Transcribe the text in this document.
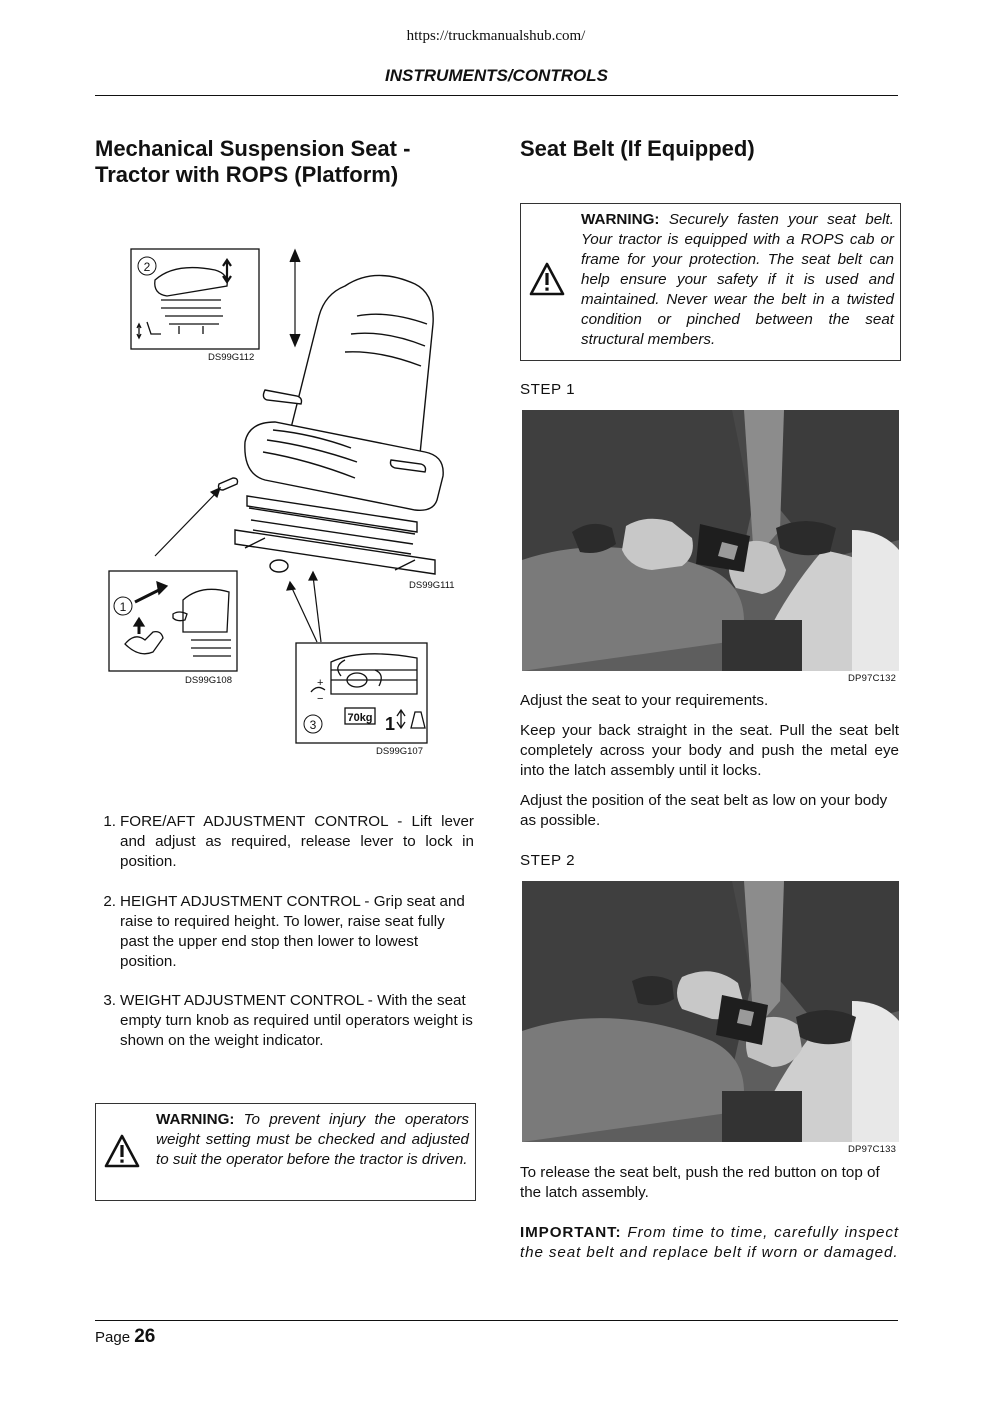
https://truckmanualshub.com/
INSTRUMENTS/CONTROLS
Mechanical Suspension Seat -
Tractor with ROPS (Platform)
2
DS99G112
DS99G111
1
DS99G108	+
−
70kg 1
3
DS99G107
1. FORE/AFT ADJUSTMENT CONTROL - Lift lever and adjust as required, release lever to lock in position.
2. HEIGHT ADJUSTMENT CONTROL - Grip seat and raise to required height. To lower, raise seat fully past the upper end stop then lower to lowest position.
3. WEIGHT ADJUSTMENT CONTROL - With the seat empty turn knob as required until operators weight is shown on the weight indicator.
WARNING: To prevent injury the operators weight setting must be checked and adjusted to suit the operator before the tractor is driven.
Seat Belt (If Equipped)
WARNING: Securely fasten your seat belt. Your tractor is equipped with a ROPS cab or frame for your protection. The seat belt can help ensure your safety if it is used and maintained. Never wear the belt in a twisted condition or pinched between the seat structural members.
STEP 1
DP97C132
Adjust the seat to your requirements.
Keep your back straight in the seat. Pull the seat belt completely across your body and push the metal eye into the latch assembly until it locks.
Adjust the position of the seat belt as low on your body as possible.
STEP 2
DP97C133
To release the seat belt, push the red button on top of the latch assembly.
IMPORTANT: From time to time, carefully inspect the seat belt and replace belt if worn or damaged.
Page 26
